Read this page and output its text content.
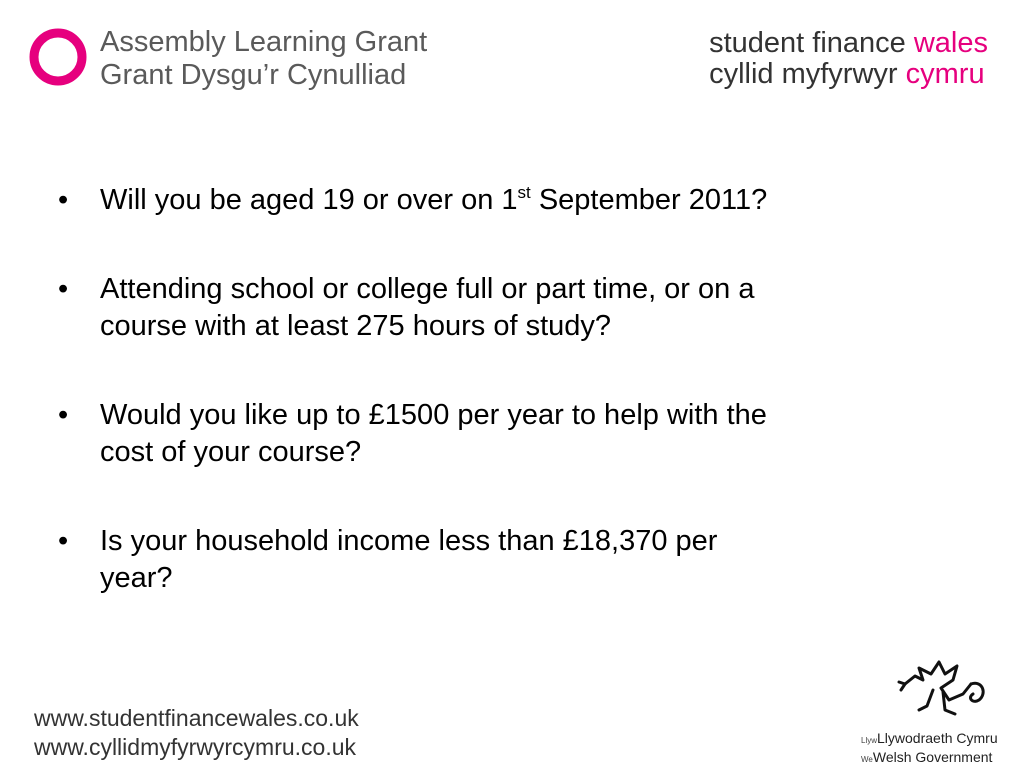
Assembly Learning Grant
Grant Dysgu’r Cynulliad
student finance wales
cyllid myfyrwyr cymru
• Will you be aged 19 or over on 1st September 2011?
• Attending school or college full or part time, or on a course with at least 275 hours of study?
• Would you like up to £1500 per year to help with the cost of your course?
• Is your household income less than £18,370 per year?
www.studentfinancewales.co.uk
www.cyllidmyfyrwyrcymru.co.uk	LlywLlywodraeth Cymru
WeWelsh Government
